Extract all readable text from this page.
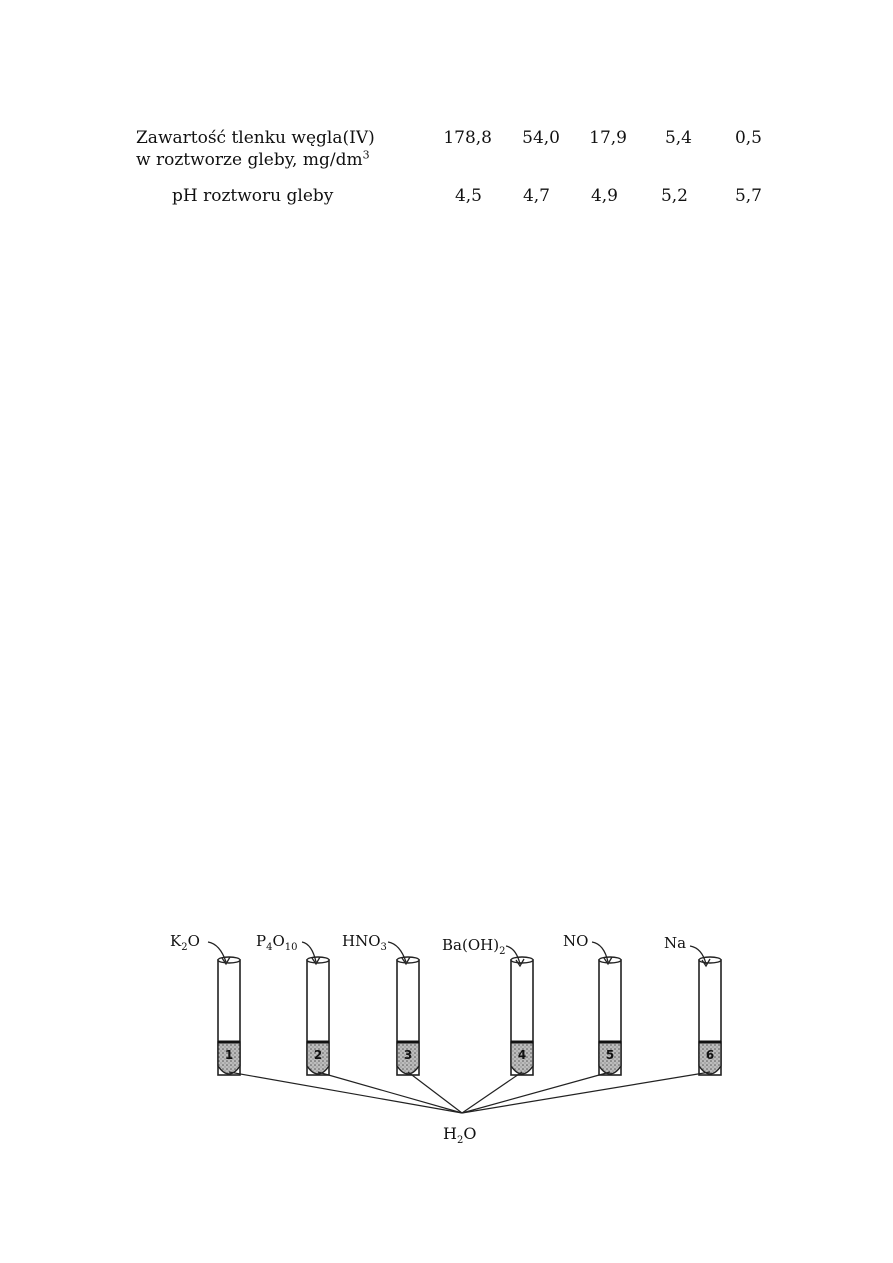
Zawartość tlenku węgla(IV)
w roztworze gleby, $mg/dm^3$
178,8	54,0	17,9	5,4	0,5
pH roztworu gleby	4,5	4,7	4,9	5,2	5,7
$K_2O$	$P_4O_{10}$	$HNO_3$	$Ba(OH)_2$
NO	Na
1	2	3	4	5	6
$H_2O$
